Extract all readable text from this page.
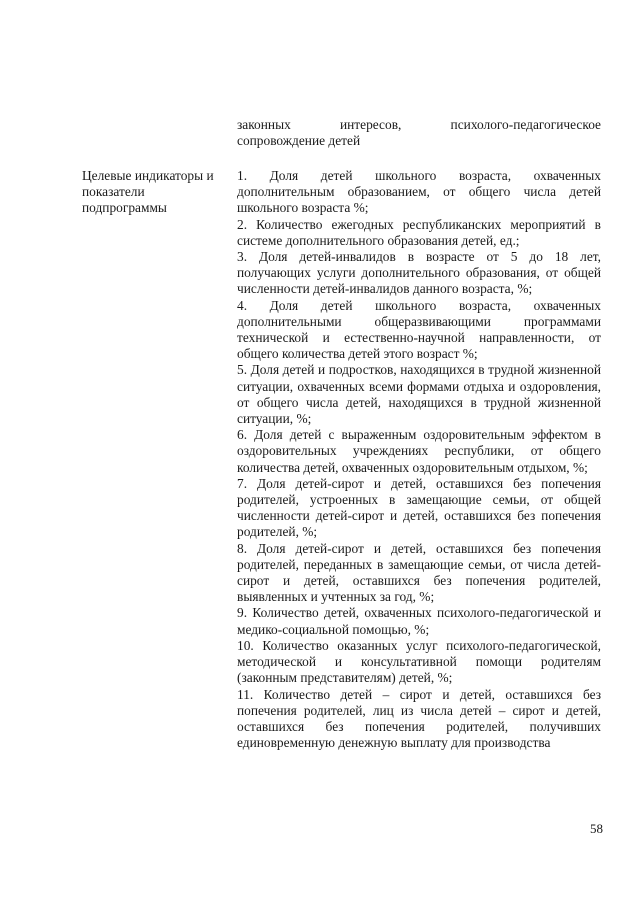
законных интересов, психолого-педагогическое
сопровождение детей
Целевые индикаторы и показатели подпрограммы

1. Доля детей школьного возраста, охваченных дополнительным образованием, от общего числа детей школьного возраста %;

2. Количество ежегодных республиканских мероприятий в системе дополнительного образования детей, ед.;

3. Доля детей-инвалидов в возрасте от 5 до 18 лет, получающих услуги дополнительного образования, от общей численности детей-инвалидов данного возраста, %;

4. Доля детей школьного возраста, охваченных дополнительными общеразвивающими программами технической и естественно-научной направленности, от общего количества детей этого возраст %;

5. Доля детей и подростков, находящихся в трудной жизненной ситуации, охваченных всеми формами отдыха и оздоровления, от общего числа детей, находящихся в трудной жизненной ситуации, %;

6. Доля детей с выраженным оздоровительным эффектом в оздоровительных учреждениях республики, от общего количества детей, охваченных оздоровительным отдыхом, %;

7. Доля детей-сирот и детей, оставшихся без попечения родителей, устроенных в замещающие семьи, от общей численности детей-сирот и детей, оставшихся без попечения родителей, %;

8. Доля детей-сирот и детей, оставшихся без попечения родителей, переданных в замещающие семьи, от числа детей-сирот и детей, оставшихся без попечения родителей, выявленных и учтенных за год, %;

9. Количество детей, охваченных психолого-педагогической и медико-социальной помощью, %;

10. Количество оказанных услуг психолого-педагогической, методической и консультативной помощи родителям (законным представителям) детей, %;

11. Количество детей – сирот и детей, оставшихся без попечения родителей, лиц из числа детей – сирот и детей, оставшихся без попечения родителей, получивших единовременную денежную выплату для производства

58
